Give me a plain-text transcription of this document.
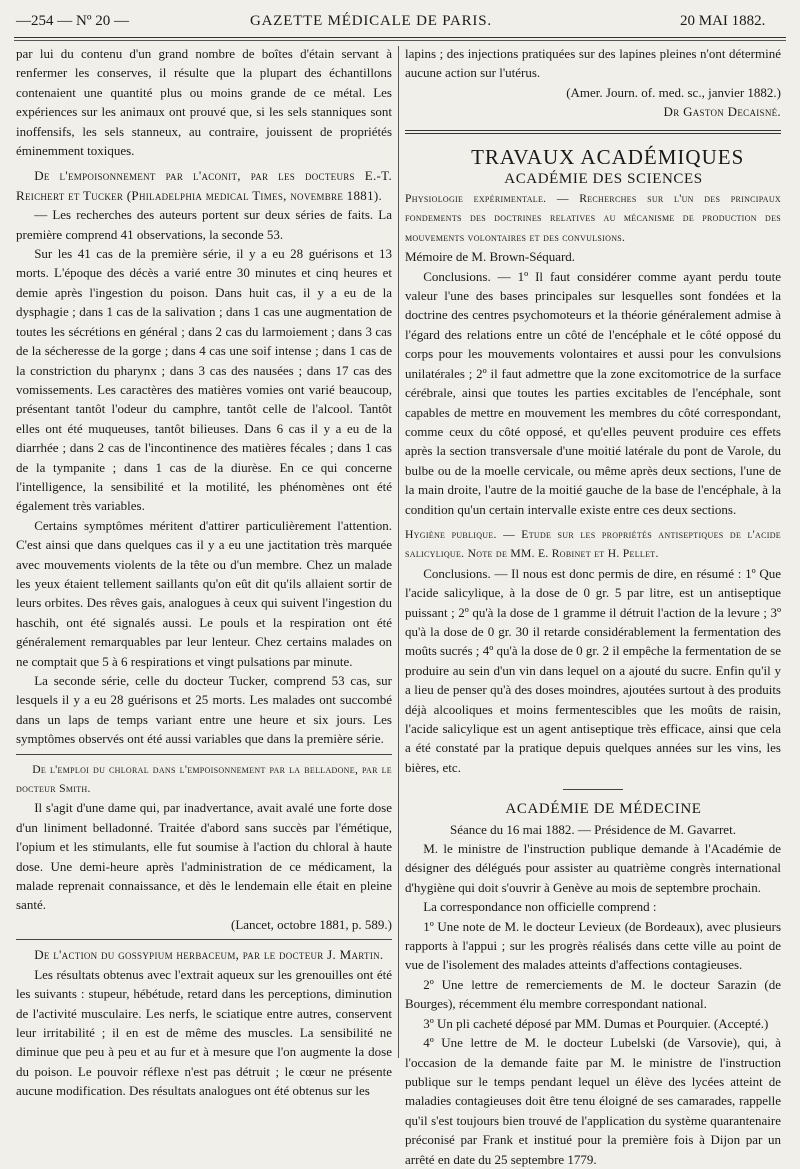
—254 — Nº 20 —	GAZETTE MÉDICALE DE PARIS.	20 MAI 1882.

par lui du contenu d'un grand nombre de boîtes d'étain servant à renfermer les conserves, il résulte que la plupart des échantillons contenaient une quantité plus ou moins grande de ce métal. Les expériences sur les animaux ont prouvé que, si les sels stanniques sont inoffensifs, les sels stanneux, au contraire, jouissent de propriétés éminemment toxiques.

De l'empoisonnement par l'aconit, par les docteurs E.-T. Reichert et Tucker (Philadelphia medical Times, novembre 1881).

— Les recherches des auteurs portent sur deux séries de faits. La première comprend 41 observations, la seconde 53.

Sur les 41 cas de la première série, il y a eu 28 guérisons et 13 morts. L'époque des décès a varié entre 30 minutes et cinq heures et demie après l'ingestion du poison. Dans huit cas, il y a eu de la dysphagie ; dans 1 cas de la salivation ; dans 1 cas une augmentation de toutes les sécrétions en général ; dans 2 cas du larmoiement ; dans 3 cas de la sécheresse de la gorge ; dans 4 cas une soif intense ; dans 1 cas de la constriction du pharynx ; dans 3 cas des nausées ; dans 17 cas des vomissements. Les caractères des matières vomies ont varié beaucoup, présentant tantôt l'odeur du camphre, tantôt celle de l'alcool. Tantôt elles ont été muqueuses, tantôt bilieuses. Dans 6 cas il y a eu de la diarrhée ; dans 2 cas de l'incontinence des matières fécales ; dans 1 cas de la tympanite ; dans 1 cas de la diurèse. En ce qui concerne l'intelligence, la sensibilité et la motilité, les phénomènes ont été également très variables.

Certains symptômes méritent d'attirer particulièrement l'attention. C'est ainsi que dans quelques cas il y a eu une jactitation très marquée avec mouvements violents de la tête ou d'un membre. Chez un malade les yeux étaient tellement saillants qu'on eût dit qu'ils allaient sortir de leurs orbites. Des rêves gais, analogues à ceux qui suivent l'ingestion du haschih, ont été signalés aussi. Le pouls et la respiration ont été généralement remarquables par leur lenteur. Chez certains malades on ne comptait que 5 à 6 respirations et vingt pulsations par minute.

La seconde série, celle du docteur Tucker, comprend 53 cas, sur lesquels il y a eu 28 guérisons et 25 morts. Les malades ont succombé dans un laps de temps variant entre une heure et six jours. Les symptômes observés ont été aussi variables que dans la première série.

De l'emploi du chloral dans l'empoisonnement par la belladone, par le docteur Smith.

Il s'agit d'une dame qui, par inadvertance, avait avalé une forte dose d'un liniment belladonné. Traitée d'abord sans succès par l'émétique, l'opium et les stimulants, elle fut soumise à l'action du chloral à haute dose. Une demi-heure après l'administration de ce médicament, la malade reprenait connaissance, et dès le lendemain elle était en pleine santé.

(Lancet, octobre 1881, p. 589.)

De l'action du gossypium herbaceum, par le docteur J. Martin.

Les résultats obtenus avec l'extrait aqueux sur les grenouilles ont été les suivants : stupeur, hébétude, retard dans les perceptions, diminution de l'activité musculaire. Les nerfs, le sciatique entre autres, conservent leur irritabilité ; il en est de même des muscles. La sensibilité ne diminue que peu à peu et au fur et à mesure que l'on augmente la dose du poison. Le pouvoir réflexe n'est pas détruit ; le cœur ne présente aucune modification. Des résultats analogues ont été obtenus sur les

lapins ; des injections pratiquées sur des lapines pleines n'ont déterminé aucune action sur l'utérus.

(Amer. Journ. of. med. sc., janvier 1882.)

Dr Gaston Decaisné.

TRAVAUX ACADÉMIQUES

ACADÉMIE DES SCIENCES

Physiologie expérimentale. — Recherches sur l'un des principaux fondements des doctrines relatives au mécanisme de production des mouvements volontaires et des convulsions.

Mémoire de M. Brown-Séquard.

Conclusions. — 1º Il faut considérer comme ayant perdu toute valeur l'une des bases principales sur lesquelles sont fondées et la doctrine des centres psychomoteurs et la théorie généralement admise à l'égard des relations entre un côté de l'encéphale et le côté opposé du corps pour les mouvements volontaires et aussi pour les convulsions unilatérales ; 2º il faut admettre que la zone excitomotrice de la surface cérébrale, ainsi que toutes les parties excitables de l'encéphale, sont capables de mettre en mouvement les membres du côté correspondant, comme ceux du côté opposé, et qu'elles peuvent produire ces effets après la section transversale d'une moitié latérale du pont de Varole, du bulbe ou de la moelle cervicale, ou même après deux sections, l'une de la main droite, l'autre de la moitié gauche de la base de l'encéphale, à la condition qu'un certain intervalle existe entre ces deux sections.

Hygiène publique. — Etude sur les propriétés antiseptiques de l'acide salicylique. Note de MM. E. Robinet et H. Pellet.

Conclusions. — Il nous est donc permis de dire, en résumé : 1º Que l'acide salicylique, à la dose de 0 gr. 5 par litre, est un antiseptique puissant ; 2º qu'à la dose de 1 gramme il détruit l'action de la levure ; 3º qu'à la dose de 0 gr. 30 il retarde considérablement la fermentation des moûts sucrés ; 4º qu'à la dose de 0 gr. 2 il empêche la fermentation de se produire au sein d'un vin dans lequel on a ajouté du sucre. Enfin qu'il y a lieu de penser qu'à des doses moindres, ajoutées surtout à des produits déjà alcooliques et moins fermentescibles que les moûts de raisin, l'acide salicylique est un agent antiseptique très efficace, ainsi que cela a été constaté par la pratique depuis quelques années sur les vins, les bières, etc.

ACADÉMIE DE MÉDECINE

Séance du 16 mai 1882. — Présidence de M. Gavarret.

M. le ministre de l'instruction publique demande à l'Académie de désigner des délégués pour assister au quatrième congrès international d'hygiène qui doit s'ouvrir à Genève au mois de septembre prochain.

La correspondance non officielle comprend :

1º Une note de M. le docteur Levieux (de Bordeaux), avec plusieurs rapports à l'appui ; sur les progrès réalisés dans cette ville au point de vue de l'isolement des malades atteints d'affections contagieuses.

2º Une lettre de remerciements de M. le docteur Sarazin (de Bourges), récemment élu membre correspondant national.

3º Un pli cacheté déposé par MM. Dumas et Pourquier. (Accepté.)

4º Une lettre de M. le docteur Lubelski (de Varsovie), qui, à l'occasion de la demande faite par M. le ministre de l'instruction publique sur le temps pendant lequel un élève des lycées atteint de maladies contagieuses doit être tenu éloigné de ses camarades, rappelle qu'il s'est toujours bien trouvé de l'application du système quarantenaire préconisé par Frank et institué pour la première fois à Dijon par un arrêté en date du 25 septembre 1779.
